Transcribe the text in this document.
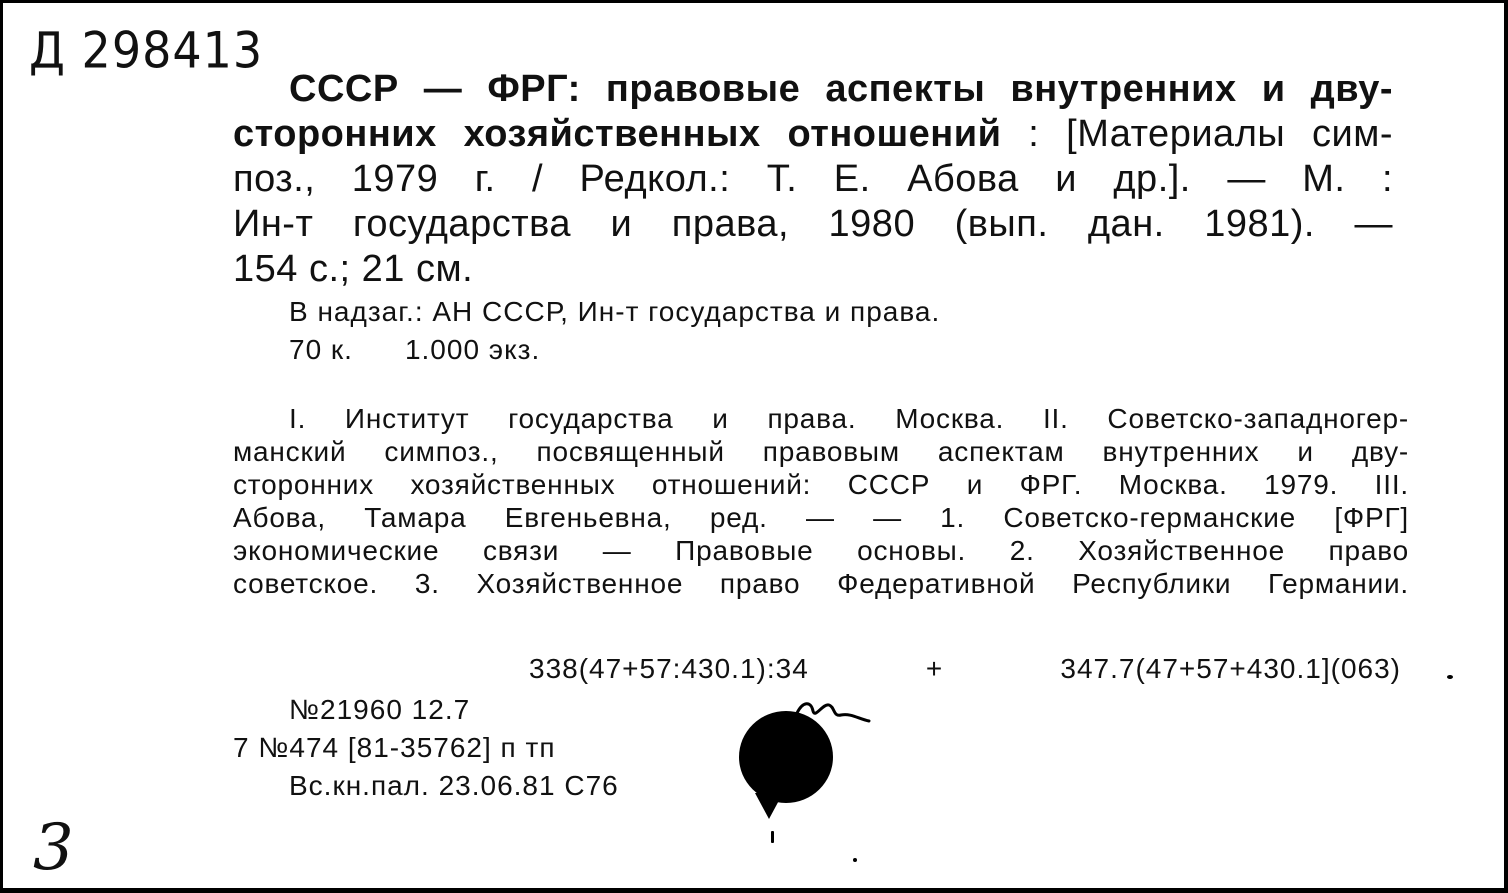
Д 298413
СССР — ФРГ: правовые аспекты внутренних и дву-
сторонних хозяйственных отношений : [Материалы сим-
поз., 1979 г. / Редкол.: Т. Е. Абова и др.]. — М. :
Ин-т государства и права, 1980 (вып. дан. 1981). —
154 с.; 21 см.
В надзаг.: АН СССР, Ин-т государства и права.
70 к. 1.000 экз.
I. Институт государства и права. Москва. II. Советско-западногер-
манский симпоз., посвященный правовым аспектам внутренних и дву-
сторонних хозяйственных отношений: СССР и ФРГ. Москва. 1979. III.
Абова, Тамара Евгеньевна, ред. — — 1. Советско-германские [ФРГ]
экономические связи — Правовые основы. 2. Хозяйственное право
советское. 3. Хозяйственное право Федеративной Республики Германии.
338(47+57:430.1):34 + 347.7(47+57+430.1](063)
№21960 12.7
7 №474 [81-35762] п тп
Вс.кн.пал. 23.06.81 С76
3
